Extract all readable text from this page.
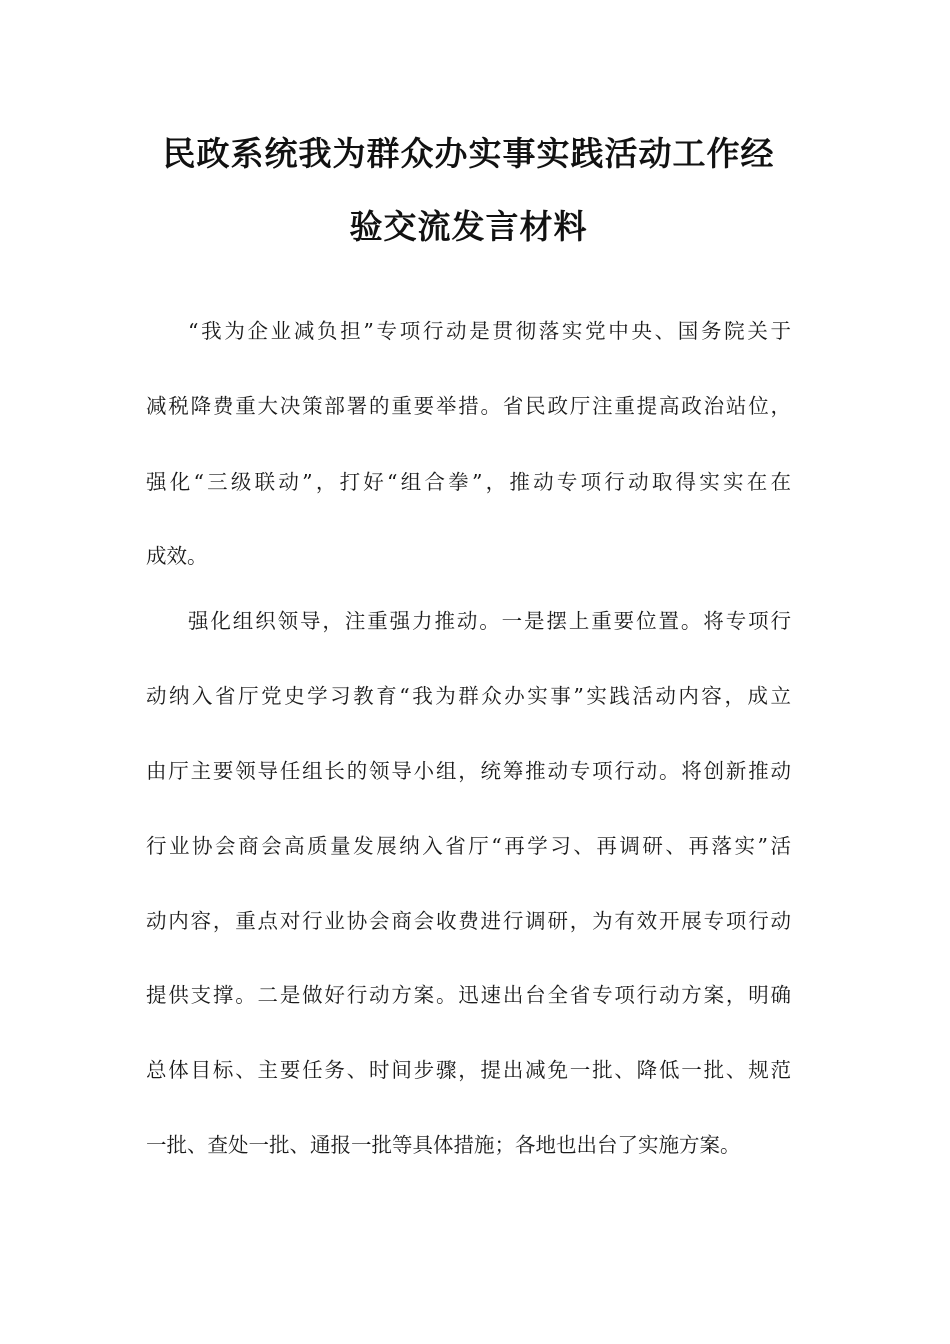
民政系统我为群众办实事实践活动工作经
验交流发言材料
“我为企业减负担”专项行动是贯彻落实党中央、国务院关于
减税降费重大决策部署的重要举措。省民政厅注重提高政治站位，
强化“三级联动”，打好“组合拳”，推动专项行动取得实实在在
成效。
强化组织领导，注重强力推动。一是摆上重要位置。将专项行
动纳入省厅党史学习教育“我为群众办实事”实践活动内容，成立
由厅主要领导任组长的领导小组，统筹推动专项行动。将创新推动
行业协会商会高质量发展纳入省厅“再学习、再调研、再落实”活
动内容，重点对行业协会商会收费进行调研，为有效开展专项行动
提供支撑。二是做好行动方案。迅速出台全省专项行动方案，明确
总体目标、主要任务、时间步骤，提出减免一批、降低一批、规范
一批、查处一批、通报一批等具体措施；各地也出台了实施方案。
